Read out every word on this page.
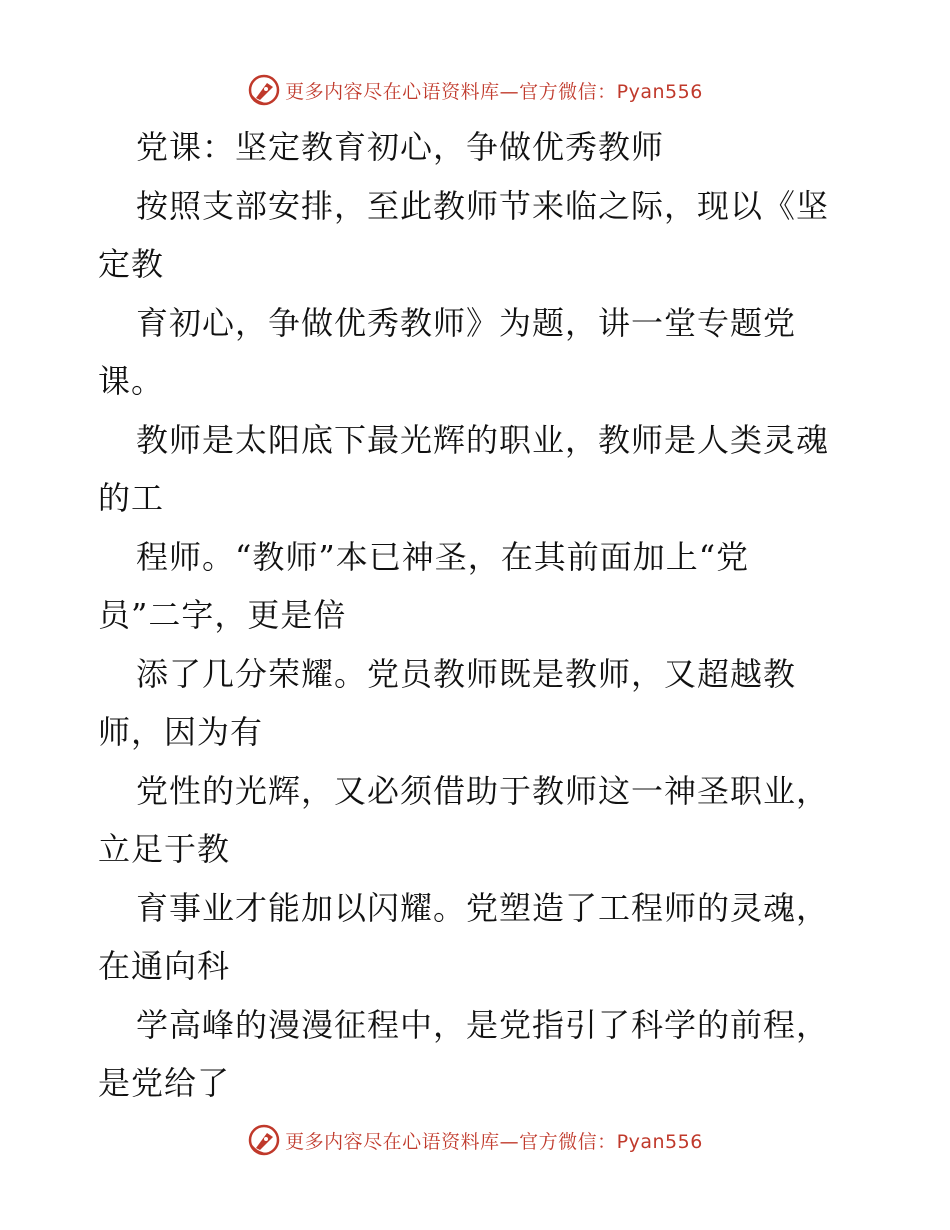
更多内容尽在心语资料库—官方微信：Pyan556
党课：坚定教育初心，争做优秀教师
按照支部安排，至此教师节来临之际，现以《坚
定教
育初心，争做优秀教师》为题，讲一堂专题党
课。
教师是太阳底下最光辉的职业，教师是人类灵魂
的工
程师。“教师”本已神圣，在其前面加上“党
员”二字，更是倍
添了几分荣耀。党员教师既是教师，又超越教
师，因为有
党性的光辉，又必须借助于教师这一神圣职业，
立足于教
育事业才能加以闪耀。党塑造了工程师的灵魂，
在通向科
学高峰的漫漫征程中，是党指引了科学的前程，
是党给了
更多内容尽在心语资料库—官方微信：Pyan556
